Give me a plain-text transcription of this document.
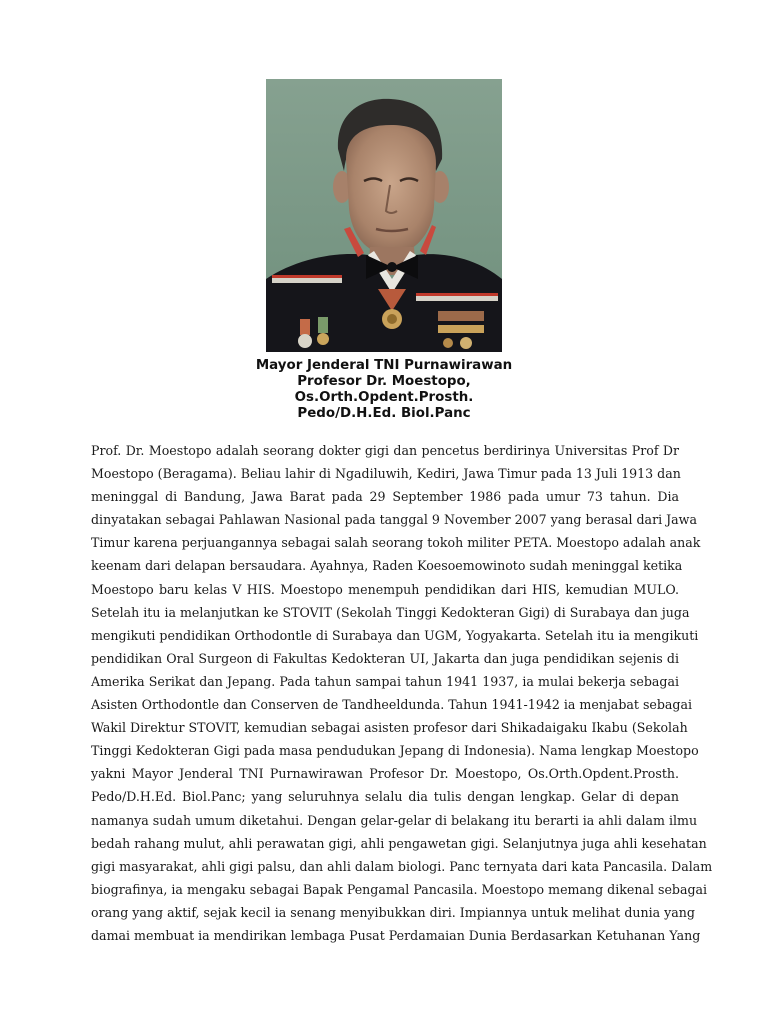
Mayor Jenderal TNI Purnawirawan
Profesor Dr. Moestopo,
Os.Orth.Opdent.Prosth.
Pedo/D.H.Ed. Biol.Panc
Prof. Dr. Moestopo adalah seorang dokter gigi dan pencetus berdirinya Universitas Prof Dr
Moestopo (Beragama). Beliau lahir di Ngadiluwih, Kediri, Jawa Timur pada 13 Juli 1913 dan
meninggal di Bandung, Jawa Barat pada 29 September 1986 pada umur 73 tahun. Dia
dinyatakan sebagai Pahlawan Nasional pada tanggal 9 November 2007 yang berasal dari Jawa
Timur karena perjuangannya sebagai salah seorang tokoh militer PETA. Moestopo adalah anak
keenam dari delapan bersaudara. Ayahnya, Raden Koesoemowinoto sudah meninggal ketika
Moestopo baru kelas V HIS. Moestopo menempuh pendidikan dari HIS, kemudian MULO.
Setelah itu ia melanjutkan ke STOVIT (Sekolah Tinggi Kedokteran Gigi) di Surabaya dan juga
mengikuti pendidikan Orthodontle di Surabaya dan UGM, Yogyakarta. Setelah itu ia mengikuti
pendidikan Oral Surgeon di Fakultas Kedokteran UI, Jakarta dan juga pendidikan sejenis di
Amerika Serikat dan Jepang. Pada tahun sampai tahun 1941 1937, ia mulai bekerja sebagai
Asisten Orthodontle dan Conserven de Tandheeldunda. Tahun 1941-1942 ia menjabat sebagai
Wakil Direktur STOVIT, kemudian sebagai asisten profesor dari Shikadaigaku Ikabu (Sekolah
Tinggi Kedokteran Gigi pada masa pendudukan Jepang di Indonesia). Nama lengkap Moestopo
yakni Mayor Jenderal TNI Purnawirawan Profesor Dr. Moestopo, Os.Orth.Opdent.Prosth.
Pedo/D.H.Ed. Biol.Panc; yang seluruhnya selalu dia tulis dengan lengkap. Gelar di depan
namanya sudah umum diketahui. Dengan gelar-gelar di belakang itu berarti ia ahli dalam ilmu
bedah rahang mulut, ahli perawatan gigi, ahli pengawetan gigi. Selanjutnya juga ahli kesehatan
gigi masyarakat, ahli gigi palsu, dan ahli dalam biologi. Panc ternyata dari kata Pancasila. Dalam
biografinya, ia mengaku sebagai Bapak Pengamal Pancasila. Moestopo memang dikenal sebagai
orang yang aktif, sejak kecil ia senang menyibukkan diri. Impiannya untuk melihat dunia yang
damai membuat ia mendirikan lembaga Pusat Perdamaian Dunia Berdasarkan Ketuhanan Yang
